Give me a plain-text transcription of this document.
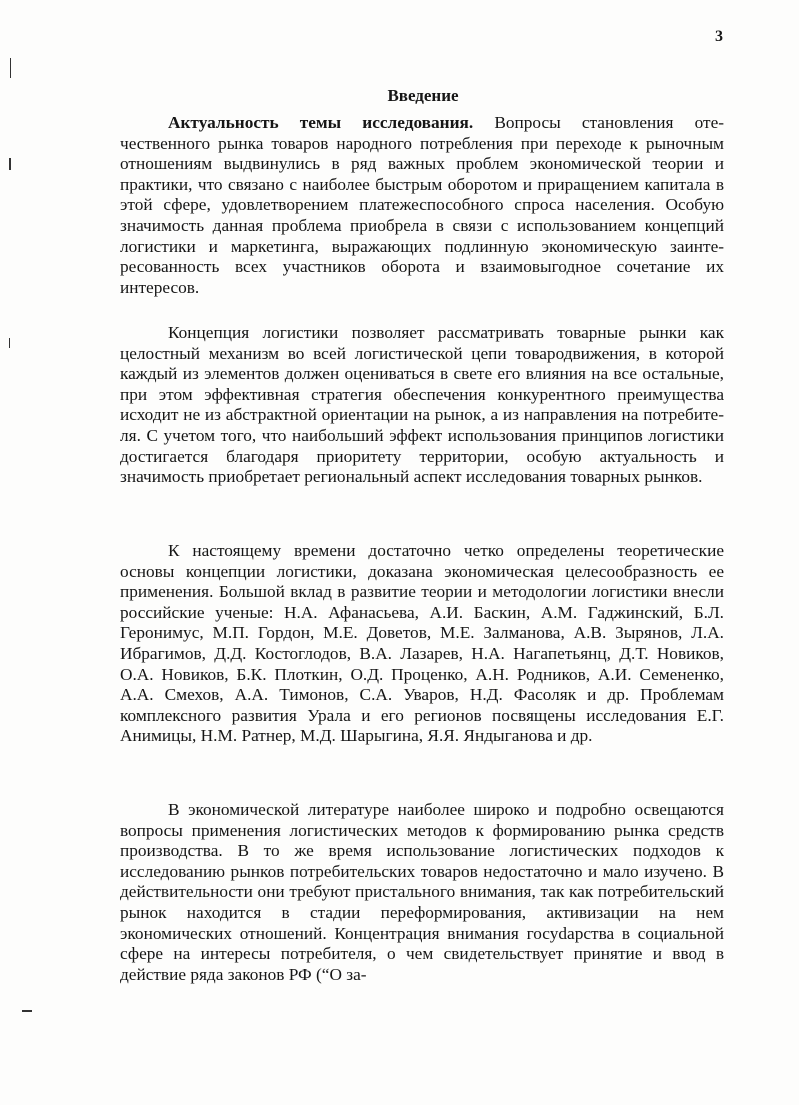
3
Введение

Актуальность темы исследования. Вопросы становления отечественного рынка товаров народного потребления при переходе к рыночным отношениям выдвинулись в ряд важных проблем экономической теории и практики, что связано с наиболее быстрым оборотом и приращением капитала в этой сфере, удовлетворением платежеспособного спроса населения. Особую значимость данная проблема приобрела в связи с использованием концепций логистики и маркетинга, выражающих подлинную экономическую заинтересованность всех участников оборота и взаимовыгодное сочетание их интересов.

Концепция логистики позволяет рассматривать товарные рынки как целостный механизм во всей логистической цепи товародвижения, в которой каждый из элементов должен оцениваться в свете его влияния на все остальные, при этом эффективная стратегия обеспечения конкурентного преимущества исходит не из абстрактной ориентации на рынок, а из направления на потребителя. С учетом того, что наибольший эффект использования принципов логистики достигается благодаря приоритету территории, особую актуальность и значимость приобретает региональный аспект исследования товарных рынков.

К настоящему времени достаточно четко определены теоретические основы концепции логистики, доказана экономическая целесообразность ее применения. Большой вклад в развитие теории и методологии логистики внесли российские ученые: Н.А. Афанасьева, А.И. Баскин, А.М. Гаджинский, Б.Л. Геронимус, М.П. Гордон, М.Е. Доветов, М.Е. Залманова, А.В. Зырянов, Л.А. Ибрагимов, Д.Д. Костоглодов, В.А. Лазарев, Н.А. Нагапетьянц, Д.Т. Новиков, О.А. Новиков, Б.К. Плоткин, О.Д. Проценко, А.Н. Родников, А.И. Семененко, А.А. Смехов, А.А. Тимонов, С.А. Уваров, Н.Д. Фасоляк и др. Проблемам комплексного развития Урала и его регионов посвящены исследования Е.Г. Анимицы, Н.М. Ратнер, М.Д. Шарыгина, Я.Я. Яндыганова и др.

В экономической литературе наиболее широко и подробно освещаются вопросы применения логистических методов к формированию рынка средств производства. В то же время использование логистических подходов к исследованию рынков потребительских товаров недостаточно и мало изучено. В действительности они требуют пристального внимания, так как потребительский рынок находится в стадии переформирования, активизации на нем экономических отношений. Концентрация внимания госуdарства в социальной сфере на интересы потребителя, о чем свидетельствует принятие и ввод в действие ряда законов РФ (“О за-
